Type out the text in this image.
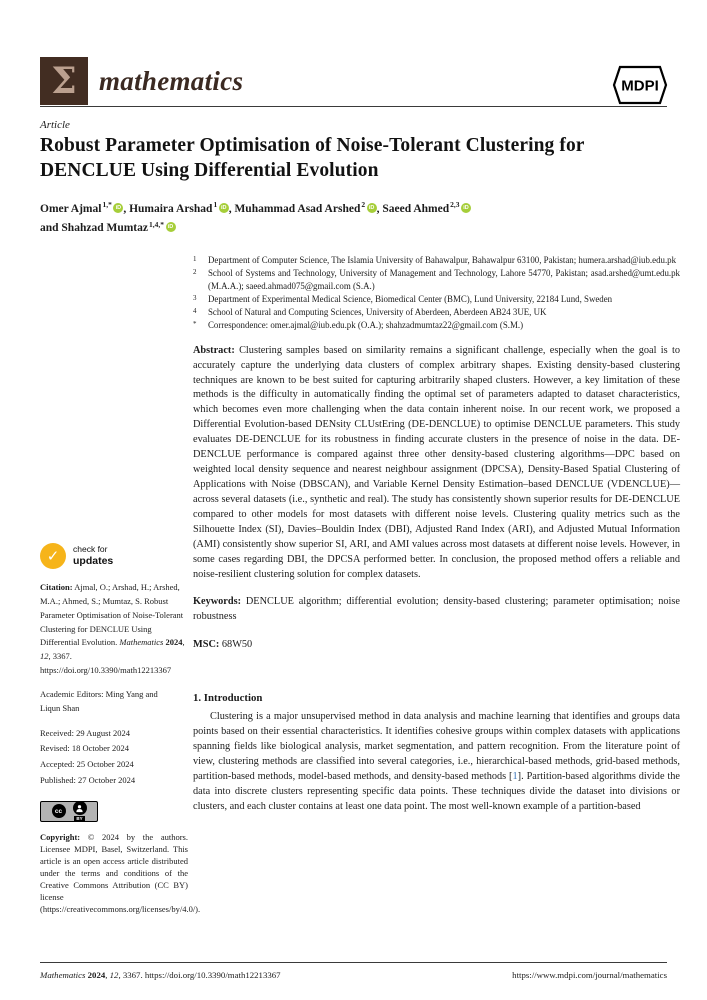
Σ mathematics	MDPI
Article
Robust Parameter Optimisation of Noise-Tolerant Clustering for DENCLUE Using Differential Evolution
Omer Ajmal$^{1,*}$ iD , Humaira Arshad$^1$ iD , Muhammad Asad Arshed$^2$ iD , Saeed Ahmed$^{2,3}$ iD
and Shahzad Mumtaz$^{1,4,*}$ iD
1	Department of Computer Science, The Islamia University of Bahawalpur, Bahawalpur 63100, Pakistan; humera.arshad@iub.edu.pk
2	School of Systems and Technology, University of Management and Technology, Lahore 54770, Pakistan; asad.arshed@umt.edu.pk (M.A.A.); saeed.ahmad075@gmail.com (S.A.)
3	Department of Experimental Medical Science, Biomedical Center (BMC), Lund University, 22184 Lund, Sweden
4	School of Natural and Computing Sciences, University of Aberdeen, Aberdeen AB24 3UE, UK
*	Correspondence: omer.ajmal@iub.edu.pk (O.A.); shahzadmumtaz22@gmail.com (S.M.)

Abstract: Clustering samples based on similarity remains a significant challenge, especially when the goal is to accurately capture the underlying data clusters of complex arbitrary shapes. Existing density-based clustering techniques are known to be best suited for capturing arbitrarily shaped clusters. However, a key limitation of these methods is the difficulty in automatically finding the optimal set of parameters adapted to dataset characteristics, which becomes even more challenging when the data contain inherent noise. In our recent work, we proposed a Differential Evolution-based DENsity CLUstEring (DE-DENCLUE) to optimise DENCLUE parameters. This study evaluates DE-DENCLUE for its robustness in finding accurate clusters in the presence of noise in the data. DE-DENCLUE performance is compared against three other density-based clustering algorithms—DPC based on weighted local density sequence and nearest neighbour assignment (DPCSA), Density-Based Spatial Clustering of Applications with Noise (DBSCAN), and Variable Kernel Density Estimation–based DENCLUE (VDENCLUE)—across several datasets (i.e., synthetic and real). The study has consistently shown superior results for DE-DENCLUE compared to other models for most datasets with different noise levels. Clustering quality metrics such as the Silhouette Index (SI), Davies–Bouldin Index (DBI), Adjusted Rand Index (ARI), and Adjusted Mutual Information (AMI) consistently show superior SI, ARI, and AMI values across most datasets at different noise levels. However, in some cases regarding DBI, the DPCSA performed better. In conclusion, the proposed method offers a reliable and noise-resilient clustering solution for complex datasets.

Keywords: DENCLUE algorithm; differential evolution; density-based clustering; parameter optimisation; noise robustness

MSC: 68W50

1. Introduction

Clustering is a major unsupervised method in data analysis and machine learning that identifies and groups data points based on their essential characteristics. It identifies cohesive groups within complex datasets with applications spanning fields like biological analysis, market segmentation, and pattern recognition. From the literature point of view, clustering methods are classified into several categories, i.e., hierarchical-based methods, grid-based methods, partition-based methods, model-based methods, and density-based methods [1]. Partition-based algorithms divide the data into discrete clusters representing specific data points. These techniques divide the dataset into divisions or clusters, and each cluster contains at least one data point. The most well-known example of a partition-based

✓	check for
updates

Citation: Ajmal, O.; Arshad, H.; Arshed, M.A.; Ahmed, S.; Mumtaz, S. Robust Parameter Optimisation of Noise-Tolerant Clustering for DENCLUE Using Differential Evolution. Mathematics 2024, 12, 3367. https://doi.org/10.3390/math12213367

Academic Editors: Ming Yang and Liqun Shan

Received: 29 August 2024
Revised: 18 October 2024
Accepted: 25 October 2024
Published: 27 October 2024
cc
BY

Copyright: © 2024 by the authors. Licensee MDPI, Basel, Switzerland. This article is an open access article distributed under the terms and conditions of the Creative Commons Attribution (CC BY) license (https://creativecommons.org/licenses/by/4.0/).

Mathematics 2024, 12, 3367. https://doi.org/10.3390/math12213367	https://www.mdpi.com/journal/mathematics
